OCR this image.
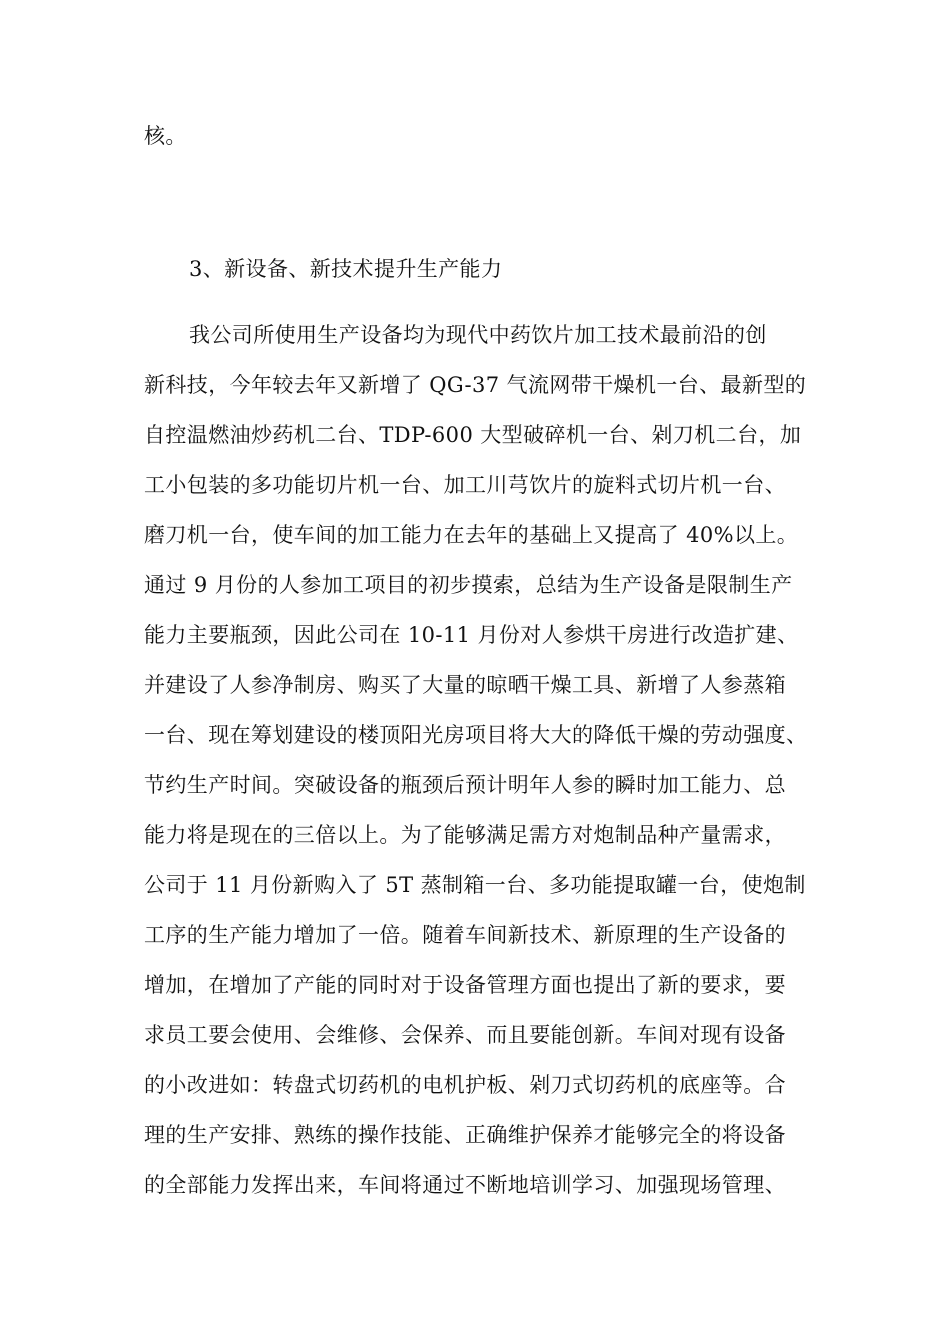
核。
3、新设备、新技术提升生产能力
我公司所使用生产设备均为现代中药饮片加工技术最前沿的创
新科技，今年较去年又新增了 QG-37 气流网带干燥机一台、最新型的
自控温燃油炒药机二台、TDP-600 大型破碎机一台、剁刀机二台，加
工小包装的多功能切片机一台、加工川芎饮片的旋料式切片机一台、
磨刀机一台，使车间的加工能力在去年的基础上又提高了 40%以上。
通过 9 月份的人参加工项目的初步摸索，总结为生产设备是限制生产
能力主要瓶颈，因此公司在 10-11 月份对人参烘干房进行改造扩建、
并建设了人参净制房、购买了大量的晾晒干燥工具、新增了人参蒸箱
一台、现在筹划建设的楼顶阳光房项目将大大的降低干燥的劳动强度、
节约生产时间。突破设备的瓶颈后预计明年人参的瞬时加工能力、总
能力将是现在的三倍以上。为了能够满足需方对炮制品种产量需求，
公司于 11 月份新购入了 5T 蒸制箱一台、多功能提取罐一台，使炮制
工序的生产能力增加了一倍。随着车间新技术、新原理的生产设备的
增加，在增加了产能的同时对于设备管理方面也提出了新的要求，要
求员工要会使用、会维修、会保养、而且要能创新。车间对现有设备
的小改进如：转盘式切药机的电机护板、剁刀式切药机的底座等。合
理的生产安排、熟练的操作技能、正确维护保养才能够完全的将设备
的全部能力发挥出来，车间将通过不断地培训学习、加强现场管理、
